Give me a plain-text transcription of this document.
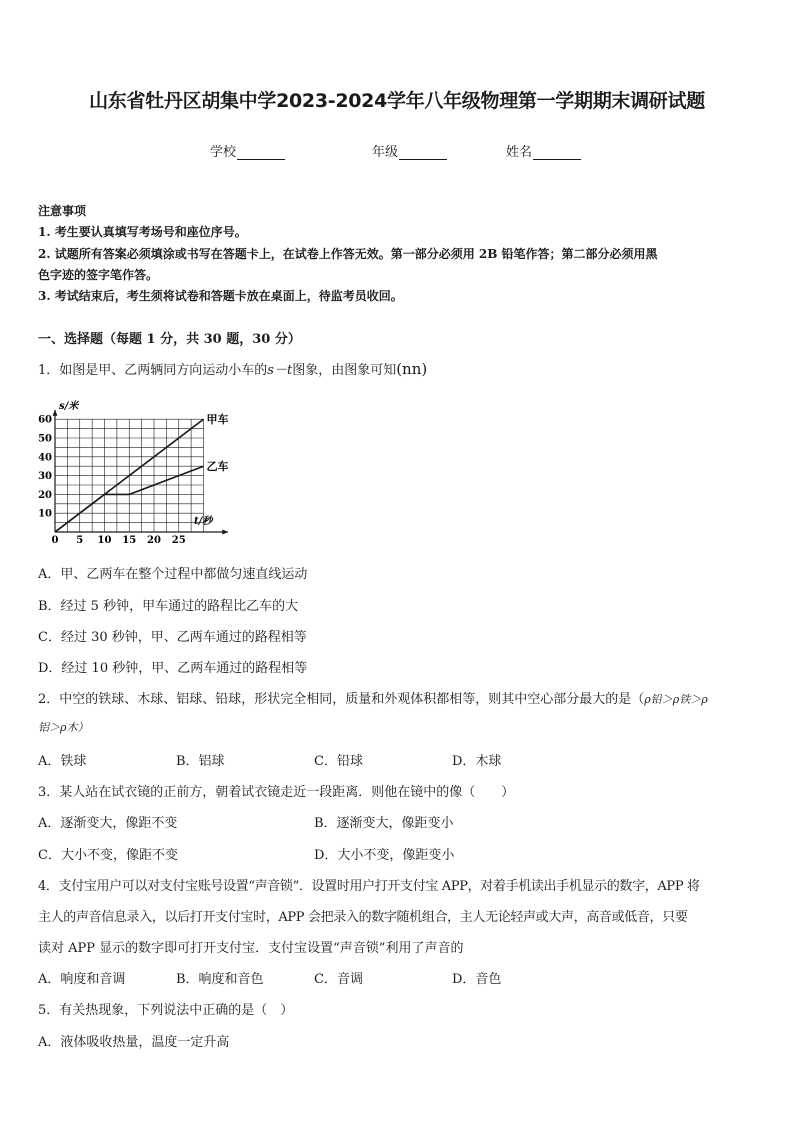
山东省牡丹区胡集中学2023-2024学年八年级物理第一学期期末调研试题
学校	年级	姓名
注意事项
1. 考生要认真填写考场号和座位序号。
2. 试题所有答案必须填涂或书写在答题卡上，在试卷上作答无效。第一部分必须用 2B 铅笔作答；第二部分必须用黑
色字迹的签字笔作答。
3. 考试结束后，考生须将试卷和答题卡放在桌面上，待监考员收回。
一、选择题（每题 1 分，共 30 题，30 分）
1．如图是甲、乙两辆同方向运动小车的s－t图象，由图象可知(nn)
0 5 10 15 20 25
10
20
30
40
50
60	甲车
乙车
s/米
t/秒
A．甲、乙两车在整个过程中都做匀速直线运动
B．经过 5 秒钟，甲车通过的路程比乙车的大
C．经过 30 秒钟，甲、乙两车通过的路程相等
D．经过 10 秒钟，甲、乙两车通过的路程相等
2．中空的铁球、木球、铝球、铅球，形状完全相同，质量和外观体积都相等，则其中空心部分最大的是（ρ铅＞ρ铁＞ρ
铝＞ρ木）
A．铁球	B．铝球	C．铅球	D．木球
3．某人站在试衣镜的正前方，朝着试衣镜走近一段距离．则他在镜中的像（　　）
A．逐渐变大，像距不变	B．逐渐变大，像距变小
C．大小不变，像距不变	D．大小不变，像距变小
4．支付宝用户可以对支付宝账号设置“声音锁”．设置时用户打开支付宝 APP，对着手机读出手机显示的数字，APP 将
主人的声音信息录入，以后打开支付宝时，APP 会把录入的数字随机组合，主人无论轻声或大声，高音或低音，只要
读对 APP 显示的数字即可打开支付宝．支付宝设置“声音锁”利用了声音的
A．响度和音调	B．响度和音色	C．音调	D．音色
5．有关热现象，下列说法中正确的是（　）
A．液体吸收热量，温度一定升高
